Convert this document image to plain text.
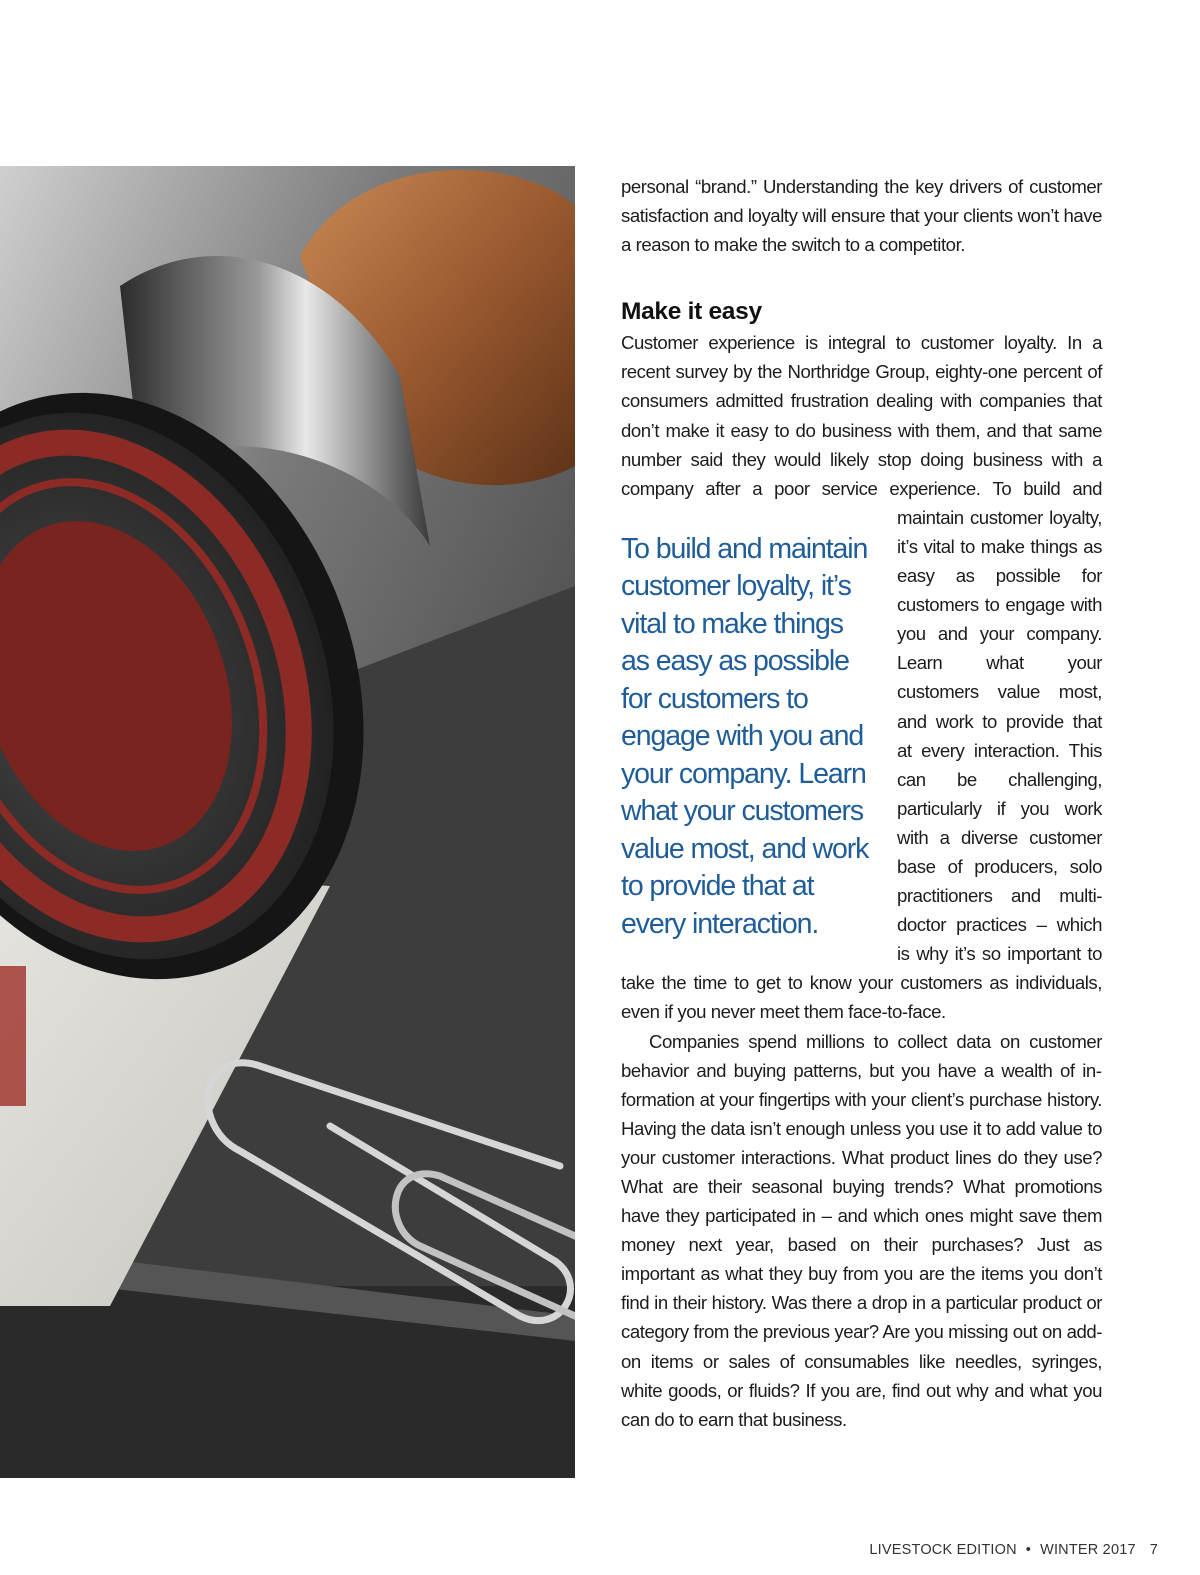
personal “brand.” Understanding the key drivers of customer satisfaction and loyalty will ensure that your clients won’t have a reason to make the switch to a competitor.

Make it easy

Customer experience is integral to customer loyalty. In a recent survey by the Northridge Group, eighty-one percent of consumers admitted frustration dealing with companies that don’t make it easy to do business with them, and that same number said they would likely stop doing business with a company after a poor service experience.
To build and maintain customer loyalty, it’s vital to make things as easy as possible for customers to engage with you and your company. Learn what your customers value most, and work to provide that at every interaction.
To build and maintain customer loyalty, it’s vital to make things as easy as possible for customers to engage with you and your company. Learn what your customers value most, and work to provide that at every interaction. This can be challenging, particularly if you work with a diverse customer base of producers, solo practitioners and multi-doctor practices – which is why it’s so important to take the time to get to know your customers as individuals, even if you never meet them face-to-face.

Companies spend millions to collect data on customer behavior and buying patterns, but you have a wealth of information at your fingertips with your client’s purchase history. Having the data isn’t enough unless you use it to add value to your customer interactions. What product lines do they use? What are their seasonal buying trends? What promotions have they participated in – and which ones might save them money next year, based on their purchases? Just as important as what they buy from you are the items you don’t find in their history. Was there a drop in a particular product or category from the previous year? Are you missing out on add-on items or sales of consumables like needles, syringes, white goods, or fluids? If you are, find out why and what you can do to earn that business.

LIVESTOCK EDITION • WINTER 2017 7
